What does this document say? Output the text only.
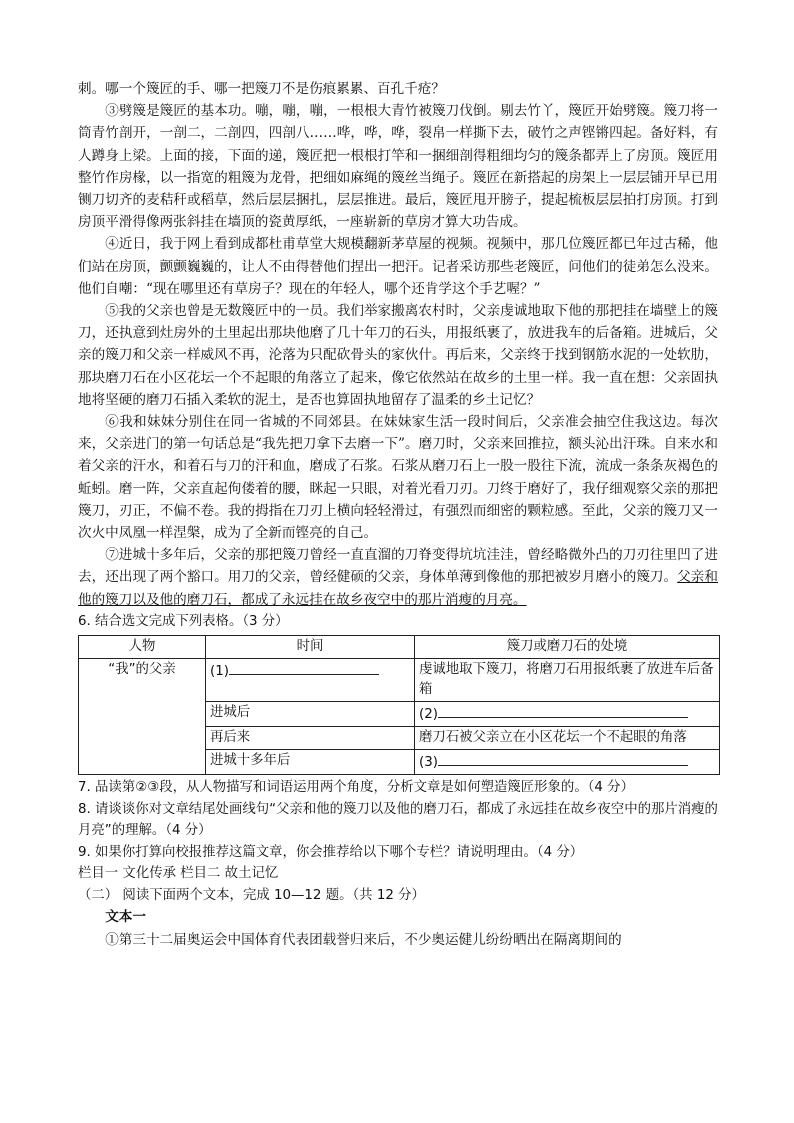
刺。哪一个篾匠的手、哪一把篾刀不是伤痕累累、百孔千疮？

③劈篾是篾匠的基本功。嘣，嘣，嘣，一根根大青竹被篾刀伐倒。剔去竹丫，篾匠开始劈篾。篾刀将一筒青竹剖开，一剖二，二剖四，四剖八……哗，哗，哗，裂帛一样撕下去，破竹之声铿锵四起。备好料，有人蹲身上梁。上面的接，下面的递，篾匠把一根根打竿和一捆细剖得粗细均匀的篾条都弄上了房顶。篾匠用整竹作房椽，以一指宽的粗篾为龙骨，把细如麻绳的篾丝当绳子。篾匠在新搭起的房架上一层层铺开早已用铡刀切齐的麦秸秆或稻草，然后层层捆扎，层层推进。最后，篾匠甩开膀子，提起梳板层层拍打房顶。打到房顶平滑得像两张斜挂在墙顶的瓷黄厚纸，一座崭新的草房才算大功告成。

④近日，我于网上看到成都杜甫草堂大规模翻新茅草屋的视频。视频中，那几位篾匠都已年过古稀，他们站在房顶，颤颤巍巍的，让人不由得替他们捏出一把汗。记者采访那些老篾匠，问他们的徒弟怎么没来。他们自嘲：“现在哪里还有草房子？现在的年轻人，哪个还肯学这个手艺喔？”

⑤我的父亲也曾是无数篾匠中的一员。我们举家搬离农村时，父亲虔诚地取下他的那把挂在墙壁上的篾刀，还执意到灶房外的土里起出那块他磨了几十年刀的石头，用报纸裹了，放进我车的后备箱。进城后，父亲的篾刀和父亲一样威风不再，沦落为只配砍骨头的家伙什。再后来，父亲终于找到钢筋水泥的一处软肋，那块磨刀石在小区花坛一个不起眼的角落立了起来，像它依然站在故乡的土里一样。我一直在想：父亲固执地将坚硬的磨刀石插入柔软的泥土，是否也算固执地留存了温柔的乡土记忆？

⑥我和妹妹分别住在同一省城的不同郊县。在妹妹家生活一段时间后，父亲准会抽空住我这边。每次来，父亲进门的第一句话总是“我先把刀拿下去磨一下”。磨刀时，父亲来回推拉，额头沁出汗珠。自来水和着父亲的汗水，和着石与刀的汗和血，磨成了石浆。石浆从磨刀石上一股一股往下流，流成一条条灰褐色的蚯蚓。磨一阵，父亲直起佝偻着的腰，眯起一只眼，对着光看刀刃。刀终于磨好了，我仔细观察父亲的那把篾刀，刃正，不偏不卷。我的拇指在刀刃上横向轻轻滑过，有强烈而细密的颗粒感。至此，父亲的篾刀又一次火中凤凰一样涅槃，成为了全新而铿亮的自己。

⑦进城十多年后，父亲的那把篾刀曾经一直直溜的刀脊变得坑坑洼洼，曾经略微外凸的刀刃往里凹了进去，还出现了两个豁口。用刀的父亲，曾经健硕的父亲，身体单薄到像他的那把被岁月磨小的篾刀。父亲和他的篾刀以及他的磨刀石，都成了永远挂在故乡夜空中的那片消瘦的月亮。

6. 结合选文完成下列表格。（3 分）

人物	时间	篾刀或磨刀石的处境
“我”的父亲	(1)	虔诚地取下篾刀，将磨刀石用报纸裹了放进车后备箱
	进城后	(2)
	再后来	磨刀石被父亲立在小区花坛一个不起眼的角落
	进城十多年后	(3)

7. 品读第②③段，从人物描写和词语运用两个角度，分析文章是如何塑造篾匠形象的。（4 分）

8. 请谈谈你对文章结尾处画线句“父亲和他的篾刀以及他的磨刀石，都成了永远挂在故乡夜空中的那片消瘦的月亮”的理解。（4 分）

9. 如果你打算向校报推荐这篇文章，你会推荐给以下哪个专栏？请说明理由。（4 分）

栏目一 文化传承 栏目二 故土记忆

（二） 阅读下面两个文本，完成 10—12 题。（共 12 分）

文本一

①第三十二届奥运会中国体育代表团载誉归来后，不少奥运健儿纷纷晒出在隔离期间的
